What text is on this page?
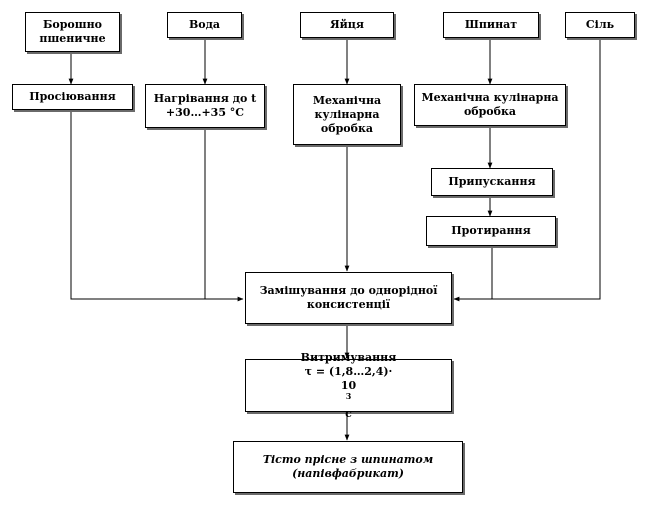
Борошно
пшеничне
Вода	Яйця	Шпинат	Сіль
Просіювання	Нагрівання до t
+30…+35 °С
Механічна
кулінарна
обробка
Механічна кулінарна
обробка
Припускання
Протирання
Замішування до однорідної
консистенції
Витримування
τ = (1,8…2,4)·
10
3
с
Тісто прісне з шпинатом
(напівфабрикат)
